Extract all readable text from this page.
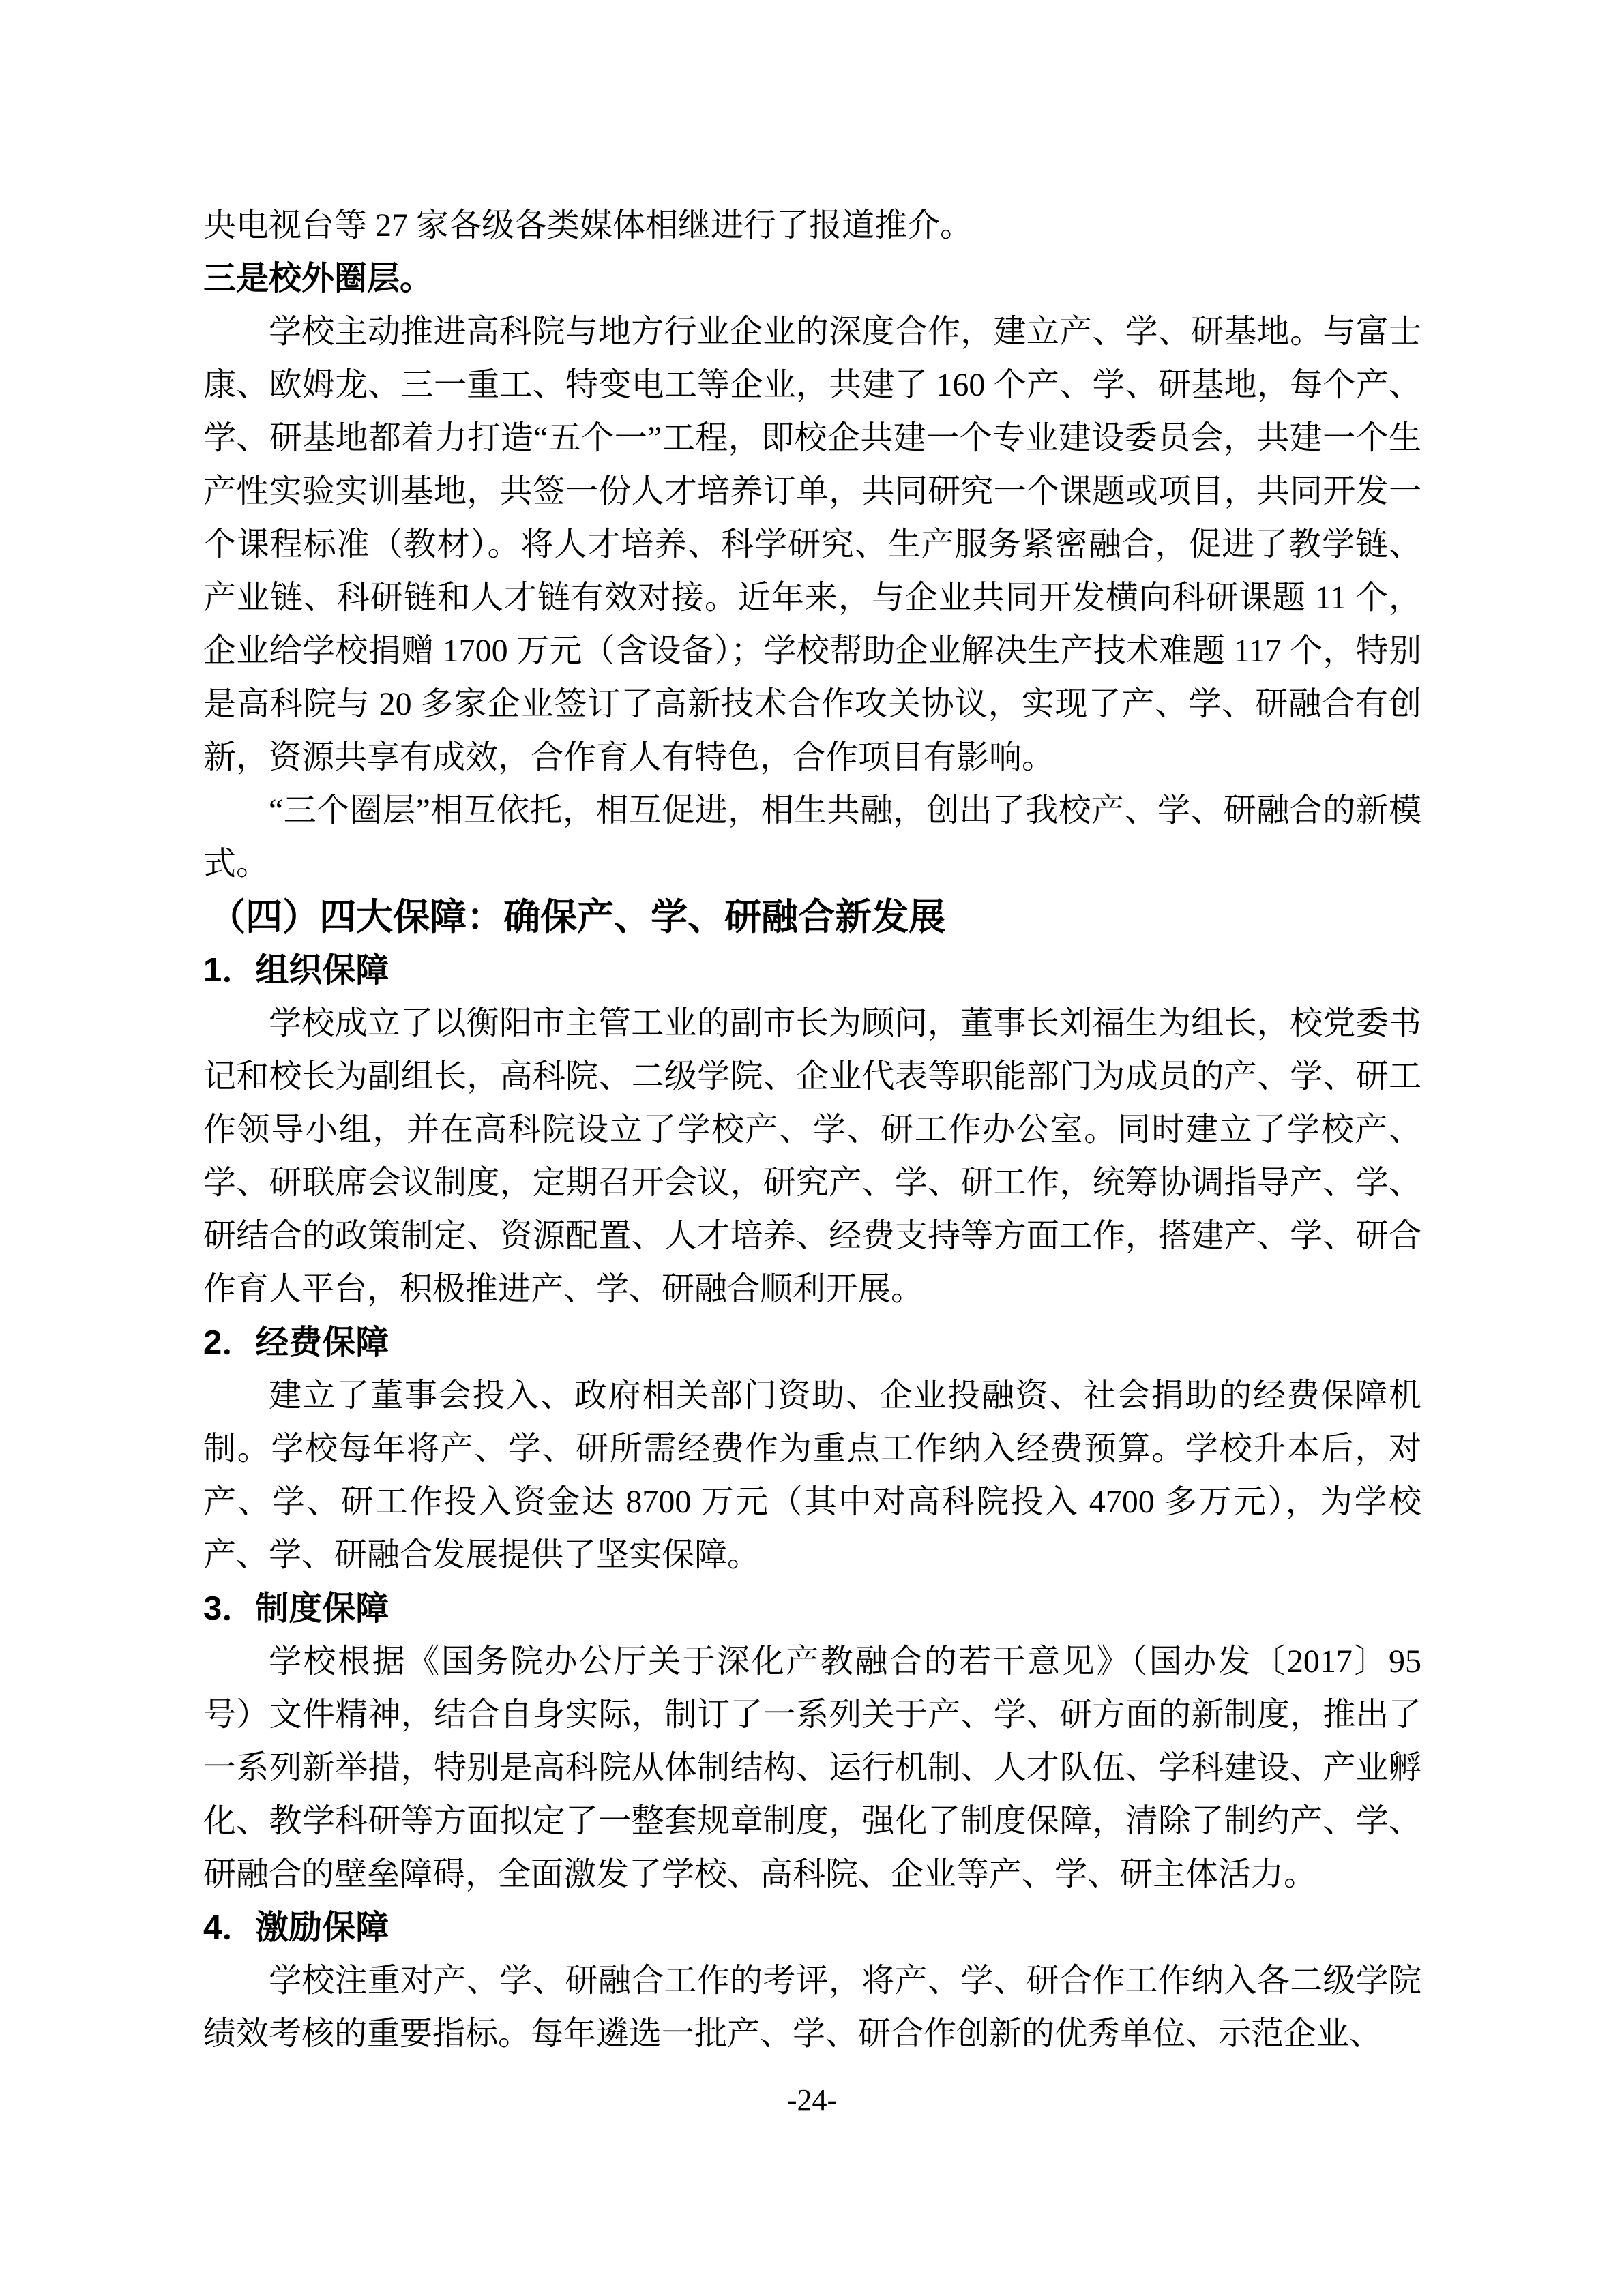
央电视台等 27 家各级各类媒体相继进行了报道推介。

三是校外圈层。

学校主动推进高科院与地方行业企业的深度合作，建立产、学、研基地。与富士康、欧姆龙、三一重工、特变电工等企业，共建了 160 个产、学、研基地，每个产、学、研基地都着力打造“五个一”工程，即校企共建一个专业建设委员会，共建一个生产性实验实训基地，共签一份人才培养订单，共同研究一个课题或项目，共同开发一个课程标准（教材）。将人才培养、科学研究、生产服务紧密融合，促进了教学链、产业链、科研链和人才链有效对接。近年来，与企业共同开发横向科研课题 11 个，企业给学校捐赠 1700 万元（含设备）；学校帮助企业解决生产技术难题 117 个，特别是高科院与 20 多家企业签订了高新技术合作攻关协议，实现了产、学、研融合有创新，资源共享有成效，合作育人有特色，合作项目有影响。

“三个圈层”相互依托，相互促进，相生共融，创出了我校产、学、研融合的新模式。

（四）四大保障：确保产、学、研融合新发展
1．组织保障

学校成立了以衡阳市主管工业的副市长为顾问，董事长刘福生为组长，校党委书记和校长为副组长，高科院、二级学院、企业代表等职能部门为成员的产、学、研工作领导小组，并在高科院设立了学校产、学、研工作办公室。同时建立了学校产、学、研联席会议制度，定期召开会议，研究产、学、研工作，统筹协调指导产、学、研结合的政策制定、资源配置、人才培养、经费支持等方面工作，搭建产、学、研合作育人平台，积极推进产、学、研融合顺利开展。

2．经费保障

建立了董事会投入、政府相关部门资助、企业投融资、社会捐助的经费保障机制。学校每年将产、学、研所需经费作为重点工作纳入经费预算。学校升本后，对产、学、研工作投入资金达 8700 万元（其中对高科院投入 4700 多万元），为学校产、学、研融合发展提供了坚实保障。

3．制度保障

学校根据《国务院办公厅关于深化产教融合的若干意见》（国办发〔2017〕95 号）文件精神，结合自身实际，制订了一系列关于产、学、研方面的新制度，推出了一系列新举措，特别是高科院从体制结构、运行机制、人才队伍、学科建设、产业孵化、教学科研等方面拟定了一整套规章制度，强化了制度保障，清除了制约产、学、研融合的壁垒障碍，全面激发了学校、高科院、企业等产、学、研主体活力。

4．激励保障

学校注重对产、学、研融合工作的考评，将产、学、研合作工作纳入各二级学院绩效考核的重要指标。每年遴选一批产、学、研合作创新的优秀单位、示范企业、

-24-
